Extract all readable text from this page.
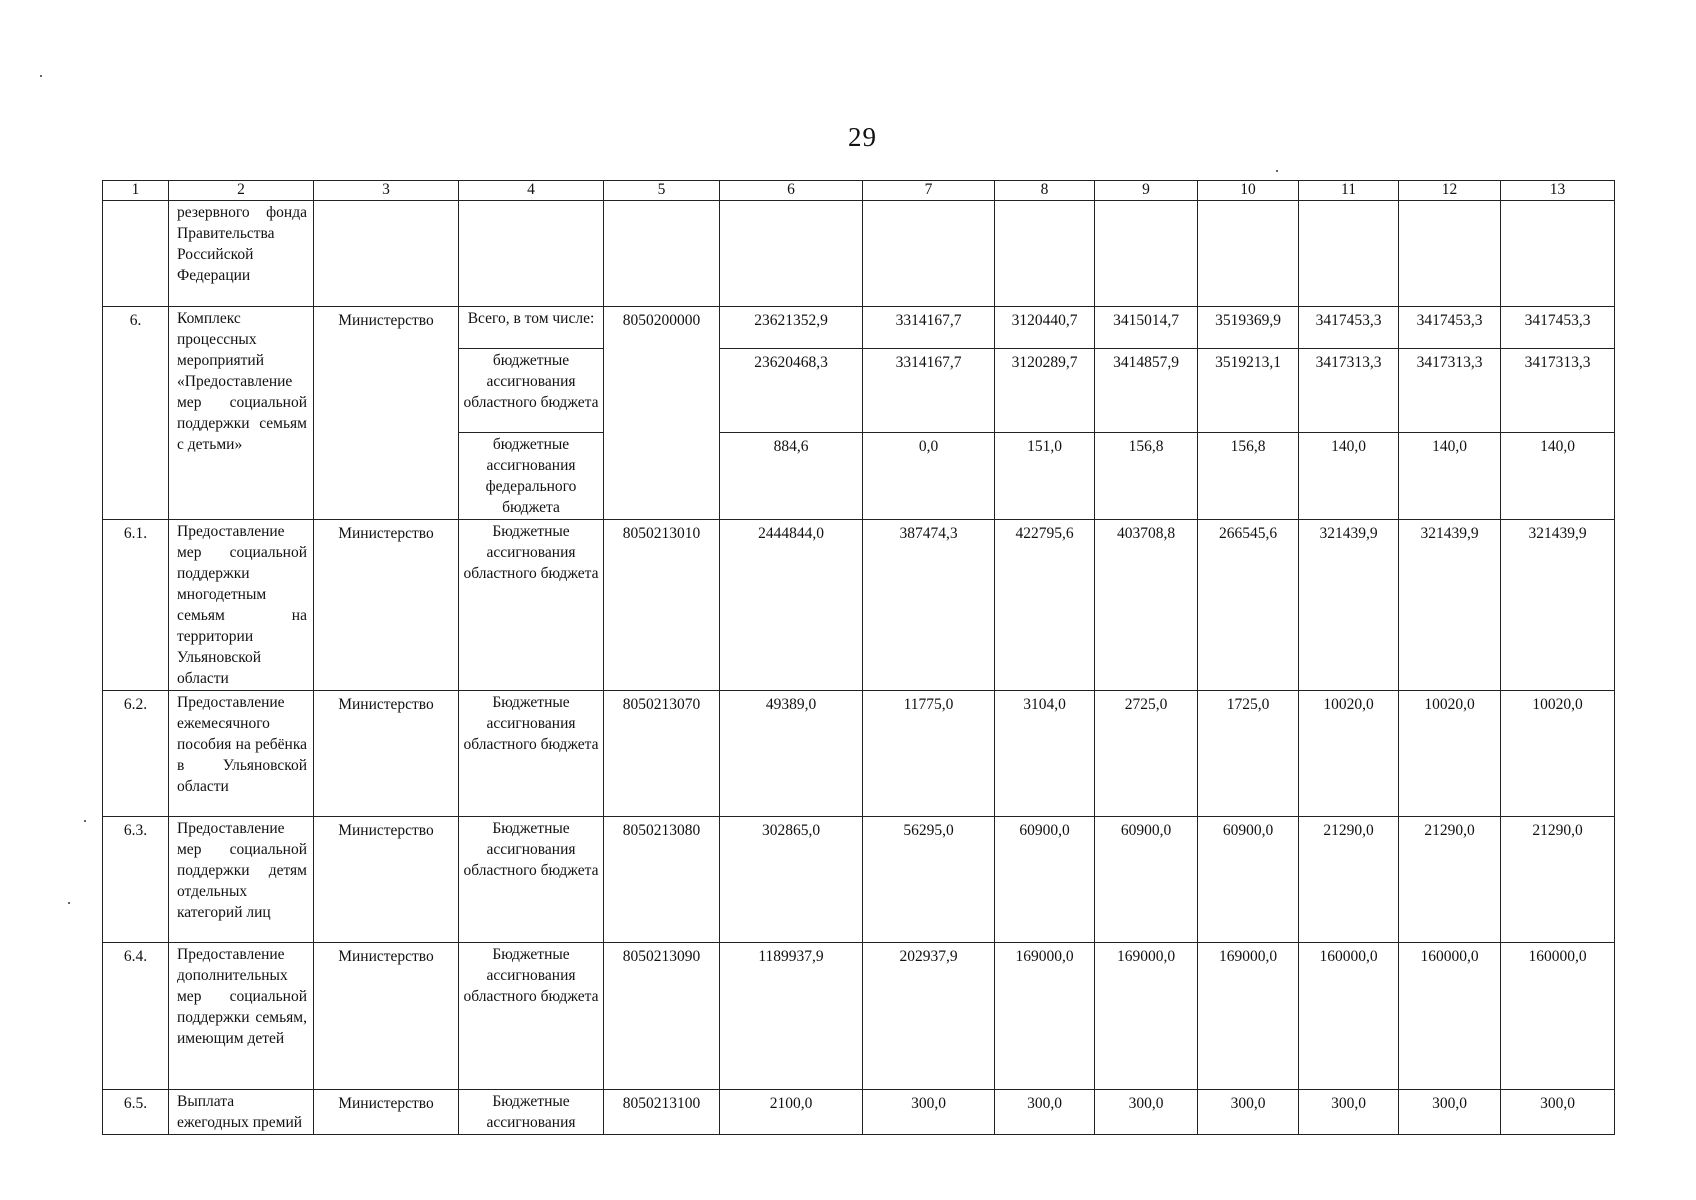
29
1	2	3	4	5	6	7	8	9	10	11	12	13
	резервного фонда Правительства Российской Федерации											
6.	Комплекс процессных мероприятий «Предоставление мер социальной поддержки семьям с детьми»	Министерство	Всего, в том числе:	8050200000	23621352,9	3314167,7	3120440,7	3415014,7	3519369,9	3417453,3	3417453,3	3417453,3
			бюджетные ассигнования областного бюджета		23620468,3	3314167,7	3120289,7	3414857,9	3519213,1	3417313,3	3417313,3	3417313,3
			бюджетные ассигнования федерального бюджета		884,6	0,0	151,0	156,8	156,8	140,0	140,0	140,0
6.1.	Предоставление мер социальной поддержки многодетным семьям на территории Ульяновской области	Министерство	Бюджетные ассигнования областного бюджета	8050213010	2444844,0	387474,3	422795,6	403708,8	266545,6	321439,9	321439,9	321439,9
6.2.	Предоставление ежемесячного пособия на ребёнка в Ульяновской области	Министерство	Бюджетные ассигнования областного бюджета	8050213070	49389,0	11775,0	3104,0	2725,0	1725,0	10020,0	10020,0	10020,0
6.3.	Предоставление мер социальной поддержки детям отдельных категорий лиц	Министерство	Бюджетные ассигнования областного бюджета	8050213080	302865,0	56295,0	60900,0	60900,0	60900,0	21290,0	21290,0	21290,0
6.4.	Предоставление дополнительных мер социальной поддержки семьям, имеющим детей	Министерство	Бюджетные ассигнования областного бюджета	8050213090	1189937,9	202937,9	169000,0	169000,0	169000,0	160000,0	160000,0	160000,0
6.5.	Выплата ежегодных премий	Министерство	Бюджетные ассигнования	8050213100	2100,0	300,0	300,0	300,0	300,0	300,0	300,0	300,0
